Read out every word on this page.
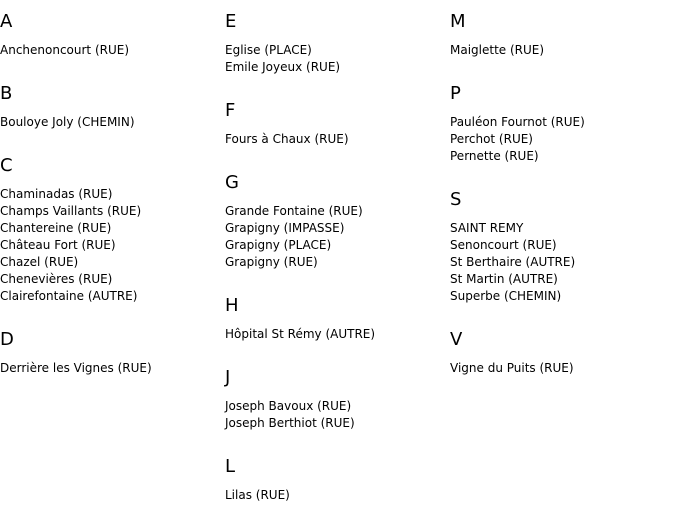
A
Anchenoncourt (RUE)
B
Bouloye Joly (CHEMIN)
C
Chaminadas (RUE)
Champs Vaillants (RUE)
Chantereine (RUE)
Château Fort (RUE)
Chazel (RUE)
Chenevières (RUE)
Clairefontaine (AUTRE)
D
Derrière les Vignes (RUE)
E
Eglise (PLACE)
Emile Joyeux (RUE)
F
Fours à Chaux (RUE)
G
Grande Fontaine (RUE)
Grapigny (IMPASSE)
Grapigny (PLACE)
Grapigny (RUE)
H
Hôpital St Rémy (AUTRE)
J
Joseph Bavoux (RUE)
Joseph Berthiot (RUE)
L
Lilas (RUE)
M
Maiglette (RUE)
P
Pauléon Fournot (RUE)
Perchot (RUE)
Pernette (RUE)
S
SAINT REMY
Senoncourt (RUE)
St Berthaire (AUTRE)
St Martin (AUTRE)
Superbe (CHEMIN)
V
Vigne du Puits (RUE)
